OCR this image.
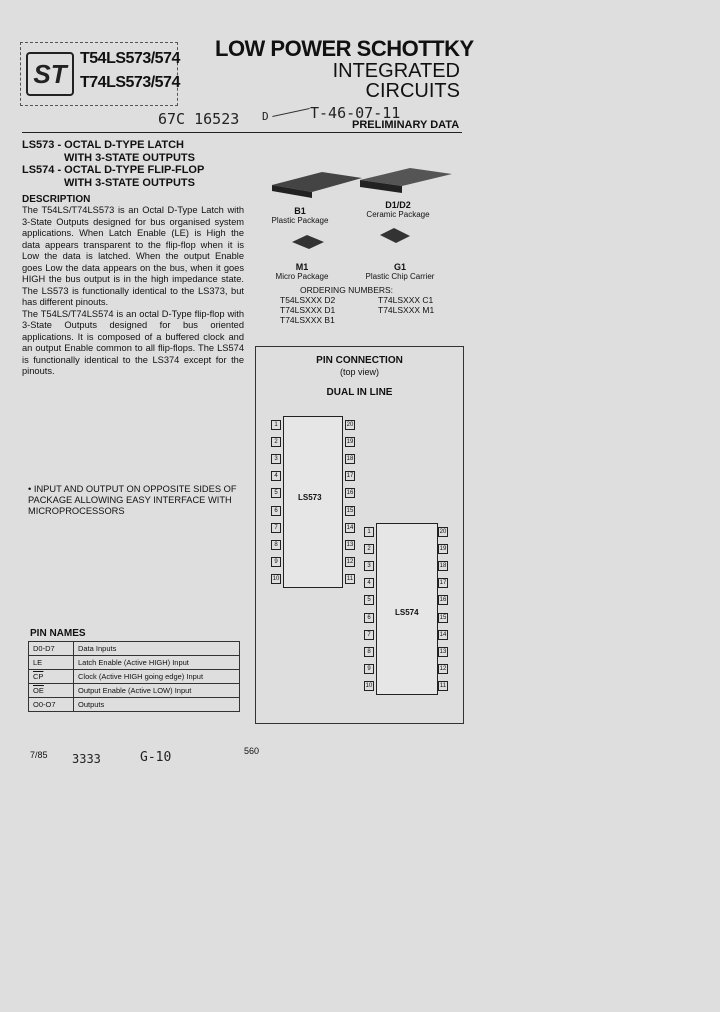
ST
T54LS573/574
T74LS573/574
LOW POWER SCHOTTKY
INTEGRATED
CIRCUITS
67C 16523 D	T-46-07-11
PRELIMINARY DATA
LS573 - OCTAL D-TYPE LATCH
WITH 3-STATE OUTPUTS
LS574 - OCTAL D-TYPE FLIP-FLOP
WITH 3-STATE OUTPUTS
DESCRIPTION
The T54LS/T74LS573 is an Octal D-Type Latch with 3-State Outputs designed for bus organised system applications. When Latch Enable (LE) is High the data appears transparent to the flip-flop when it is Low the data is latched. When the output Enable goes Low the data appears on the bus, when it goes HIGH the bus output is in the high impedance state. The LS573 is functionally identical to the LS373, but has different pinouts.
The T54LS/T74LS574 is an octal D-Type flip-flop with 3-State Outputs designed for bus oriented applications. It is composed of a buffered clock and an output Enable common to all flip-flops. The LS574 is functionally identical to the LS374 except for the pinouts.
B1
Plastic Package
D1/D2
Ceramic Package
M1
Micro Package
G1
Plastic Chip Carrier
ORDERING NUMBERS:
T54LSXXX D2
T74LSXXX D1
T74LSXXX B1
T74LSXXX C1
T74LSXXX M1
PIN CONNECTION
(top view)
DUAL IN LINE
LS573
LS574
1	20
2	19
3	18
4	17
5	16
6	15
7	14
8	13
9	12
10	11
1	20
2	19
3	18
4	17
5	16
6	15
7	14
8	13
9	12
10	11
• INPUT AND OUTPUT ON OPPOSITE SIDES OF PACKAGE ALLOWING EASY INTERFACE WITH MICROPROCESSORS
PIN NAMES
D0-D7	Data Inputs
LE	Latch Enable (Active HIGH) Input
$\overline{CP}$	Clock (Active HIGH going edge) Input
$\overline{OE}$	Output Enable (Active LOW) Input
O0-O7	Outputs
7/85 3333	G-10	560
